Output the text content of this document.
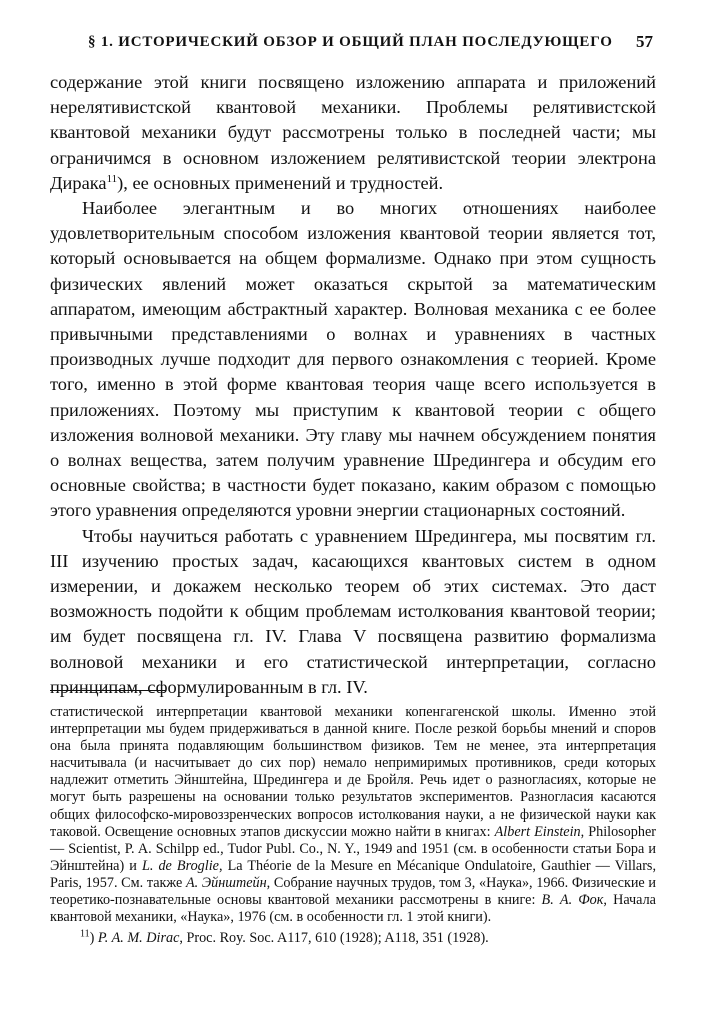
§ 1. ИСТОРИЧЕСКИЙ ОБЗОР И ОБЩИЙ ПЛАН ПОСЛЕДУЮЩЕГО 57

содержание этой книги посвящено изложению аппарата и приложений нерелятивистской квантовой механики. Проблемы релятивистской квантовой механики будут рассмотрены только в последней части; мы ограничимся в основном изложением релятивистской теории электрона Дирака$^{11}$), ее основных применений и трудностей.

Наиболее элегантным и во многих отношениях наиболее удовлетворительным способом изложения квантовой теории является тот, который основывается на общем формализме. Однако при этом сущность физических явлений может оказаться скрытой за математическим аппаратом, имеющим абстрактный характер. Волновая механика с ее более привычными представлениями о волнах и уравнениях в частных производных лучше подходит для первого ознакомления с теорией. Кроме того, именно в этой форме квантовая теория чаще всего используется в приложениях. Поэтому мы приступим к квантовой теории с общего изложения волновой механики. Эту главу мы начнем обсуждением понятия о волнах вещества, затем получим уравнение Шредингера и обсудим его основные свойства; в частности будет показано, каким образом с помощью этого уравнения определяются уровни энергии стационарных состояний.

Чтобы научиться работать с уравнением Шредингера, мы посвятим гл. III изучению простых задач, касающихся квантовых систем в одном измерении, и докажем несколько теорем об этих системах. Это даст возможность подойти к общим проблемам истолкования квантовой теории; им будет посвящена гл. IV. Глава V посвящена развитию формализма волновой механики и его статистической интерпретации, согласно принципам, сформулированным в гл. IV.

статистической интерпретации квантовой механики копенгагенской школы. Именно этой интерпретации мы будем придерживаться в данной книге. После резкой борьбы мнений и споров она была принята подавляющим большинством физиков. Тем не менее, эта интерпретация насчитывала (и насчитывает до сих пор) немало непримиримых противников, среди которых надлежит отметить Эйнштейна, Шредингера и де Бройля. Речь идет о разногласиях, которые не могут быть разрешены на основании только результатов экспериментов. Разногласия касаются общих философско-мировоззренческих вопросов истолкования науки, а не физической науки как таковой. Освещение основных этапов дискуссии можно найти в книгах: Albert Einstein, Philosopher — Scientist, P. A. Schilpp ed., Tudor Publ. Co., N. Y., 1949 and 1951 (см. в особенности статьи Бора и Эйнштейна) и L. de Broglie, La Théorie de la Mesure en Mécanique Ondulatoire, Gauthier — Villars, Paris, 1957. См. также А. Эйнштейн, Собрание научных трудов, том 3, «Наука», 1966. Физические и теоретико-познавательные основы квантовой механики рассмотрены в книге: В. А. Фок, Начала квантовой механики, «Наука», 1976 (см. в особенности гл. 1 этой книги).

$^{11}$) P. A. M. Dirac, Proc. Roy. Soc. A117, 610 (1928); A118, 351 (1928).
